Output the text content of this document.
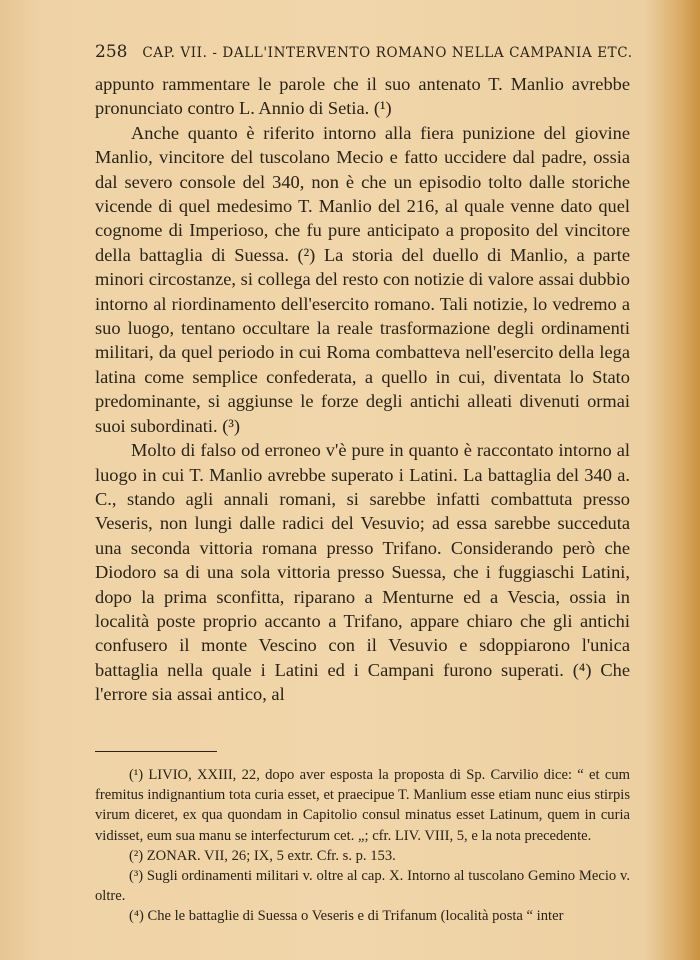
258 CAP. VII. - DALL'INTERVENTO ROMANO NELLA CAMPANIA ETC.

appunto rammentare le parole che il suo antenato T. Manlio avrebbe pronunciato contro L. Annio di Setia. (¹)

Anche quanto è riferito intorno alla fiera punizione del giovine Manlio, vincitore del tuscolano Mecio e fatto uccidere dal padre, ossia dal severo console del 340, non è che un episodio tolto dalle storiche vicende di quel medesimo T. Manlio del 216, al quale venne dato quel cognome di Imperioso, che fu pure anticipato a proposito del vincitore della battaglia di Suessa. (²) La storia del duello di Manlio, a parte minori circostanze, si collega del resto con notizie di valore assai dubbio intorno al riordinamento dell'esercito romano. Tali notizie, lo vedremo a suo luogo, tentano occultare la reale trasformazione degli ordinamenti militari, da quel periodo in cui Roma combatteva nell'esercito della lega latina come semplice confederata, a quello in cui, diventata lo Stato predominante, si aggiunse le forze degli antichi alleati divenuti ormai suoi subordinati. (³)

Molto di falso od erroneo v'è pure in quanto è raccontato intorno al luogo in cui T. Manlio avrebbe superato i Latini. La battaglia del 340 a. C., stando agli annali romani, si sarebbe infatti combattuta presso Veseris, non lungi dalle radici del Vesuvio; ad essa sarebbe succeduta una seconda vittoria romana presso Trifano. Considerando però che Diodoro sa di una sola vittoria presso Suessa, che i fuggiaschi Latini, dopo la prima sconfitta, riparano a Menturne ed a Vescia, ossia in località poste proprio accanto a Trifano, appare chiaro che gli antichi confusero il monte Vescino con il Vesuvio e sdoppiarono l'unica battaglia nella quale i Latini ed i Campani furono superati. (⁴) Che l'errore sia assai antico, al

(¹) LIVIO, XXIII, 22, dopo aver esposta la proposta di Sp. Carvilio dice: “ et cum fremitus indignantium tota curia esset, et praecipue T. Manlium esse etiam nunc eius stirpis virum diceret, ex qua quondam in Capitolio consul minatus esset Latinum, quem in curia vidisset, eum sua manu se interfecturum cet. „; cfr. LIV. VIII, 5, e la nota precedente.

(²) ZONAR. VII, 26; IX, 5 extr. Cfr. s. p. 153.

(³) Sugli ordinamenti militari v. oltre al cap. X. Intorno al tuscolano Gemino Mecio v. oltre.

(⁴) Che le battaglie di Suessa o Veseris e di Trifanum (località posta “ inter
